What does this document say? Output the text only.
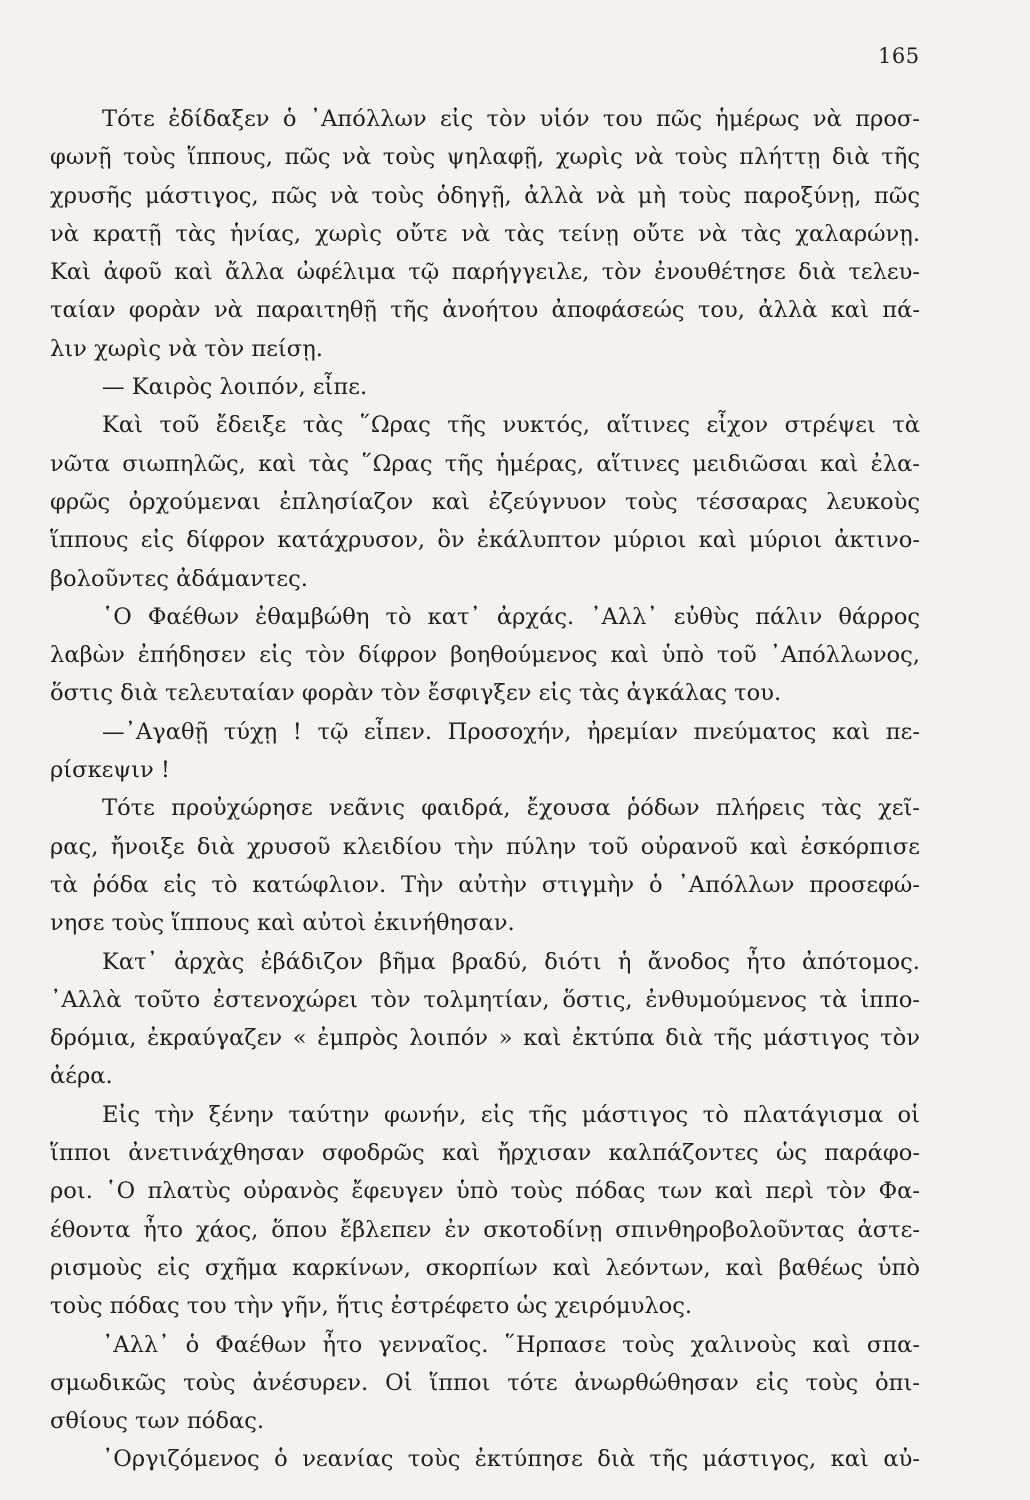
165
Τότε ἐδίδαξεν ὁ ᾿Απόλλων εἰς τὸν υἱόν του πῶς ἡμέρως νὰ προσ-
φωνῇ τοὺς ἵππους, πῶς νὰ τοὺς ψηλαφῇ, χωρὶς νὰ τοὺς πλήττῃ διὰ τῆς
χρυσῆς μάστιγος, πῶς νὰ τοὺς ὁδηγῇ, ἀλλὰ νὰ μὴ τοὺς παροξύνῃ, πῶς
νὰ κρατῇ τὰς ἡνίας, χωρὶς οὔτε νὰ τὰς τείνῃ οὔτε νὰ τὰς χαλαρώνῃ.
Καὶ ἀφοῦ καὶ ἄλλα ὠφέλιμα τῷ παρήγγειλε, τὸν ἐνουθέτησε διὰ τελευ-
ταίαν φορὰν νὰ παραιτηθῇ τῆς ἀνοήτου ἀποφάσεώς του, ἀλλὰ καὶ πά-
λιν χωρὶς νὰ τὸν πείσῃ.
— Καιρὸς λοιπόν, εἶπε.
Καὶ τοῦ ἔδειξε τὰς ῞Ωρας τῆς νυκτός, αἵτινες εἶχον στρέψει τὰ
νῶτα σιωπηλῶς, καὶ τὰς ῞Ωρας τῆς ἡμέρας, αἵτινες μειδιῶσαι καὶ ἐλα-
φρῶς ὀρχούμεναι ἐπλησίαζον καὶ ἐζεύγνυον τοὺς τέσσαρας λευκοὺς
ἵππους εἰς δίφρον κατάχρυσον, ὃν ἐκάλυπτον μύριοι καὶ μύριοι ἀκτινο-
βολοῦντες ἀδάμαντες.
῾Ο Φαέθων ἐθαμβώθη τὸ κατ᾿ ἀρχάς. ᾿Αλλ᾿ εὐθὺς πάλιν θάρρος
λαβὼν ἐπήδησεν εἰς τὸν δίφρον βοηθούμενος καὶ ὑπὸ τοῦ ᾿Απόλλωνος,
ὅστις διὰ τελευταίαν φορὰν τὸν ἔσφιγξεν εἰς τὰς ἀγκάλας του.
—᾿Αγαθῇ τύχῃ ! τῷ εἶπεν. Προσοχήν, ἠρεμίαν πνεύματος καὶ πε-
ρίσκεψιν !
Τότε προὐχώρησε νεᾶνις φαιδρά, ἔχουσα ῥόδων πλήρεις τὰς χεῖ-
ρας, ἤνοιξε διὰ χρυσοῦ κλειδίου τὴν πύλην τοῦ οὐρανοῦ καὶ ἐσκόρπισε
τὰ ῥόδα εἰς τὸ κατώφλιον. Τὴν αὐτὴν στιγμὴν ὁ ᾿Απόλλων προσεφώ-
νησε τοὺς ἵππους καὶ αὐτοὶ ἐκινήθησαν.
Κατ᾿ ἀρχὰς ἐβάδιζον βῆμα βραδύ, διότι ἡ ἄνοδος ἦτο ἀπότομος.
᾿Αλλὰ τοῦτο ἐστενοχώρει τὸν τολμητίαν, ὅστις, ἐνθυμούμενος τὰ ἱππο-
δρόμια, ἐκραύγαζεν « ἐμπρὸς λοιπόν » καὶ ἐκτύπα διὰ τῆς μάστιγος τὸν
ἀέρα.
Εἰς τὴν ξένην ταύτην φωνήν, εἰς τῆς μάστιγος τὸ πλατάγισμα οἱ
ἵπποι ἀνετινάχθησαν σφοδρῶς καὶ ἤρχισαν καλπάζοντες ὡς παράφο-
ροι. ῾Ο πλατὺς οὐρανὸς ἔφευγεν ὑπὸ τοὺς πόδας των καὶ περὶ τὸν Φα-
έθοντα ἦτο χάος, ὅπου ἔβλεπεν ἐν σκοτοδίνῃ σπινθηροβολοῦντας ἀστε-
ρισμοὺς εἰς σχῆμα καρκίνων, σκορπίων καὶ λεόντων, καὶ βαθέως ὑπὸ
τοὺς πόδας του τὴν γῆν, ἥτις ἐστρέφετο ὡς χειρόμυλος.
᾿Αλλ᾿ ὁ Φαέθων ἦτο γενναῖος. ῞Ηρπασε τοὺς χαλινοὺς καὶ σπα-
σμωδικῶς τοὺς ἀνέσυρεν. Οἱ ἵπποι τότε ἀνωρθώθησαν εἰς τοὺς ὀπι-
σθίους των πόδας.
᾿Οργιζόμενος ὁ νεανίας τοὺς ἐκτύπησε διὰ τῆς μάστιγος, καὶ αὐ-
